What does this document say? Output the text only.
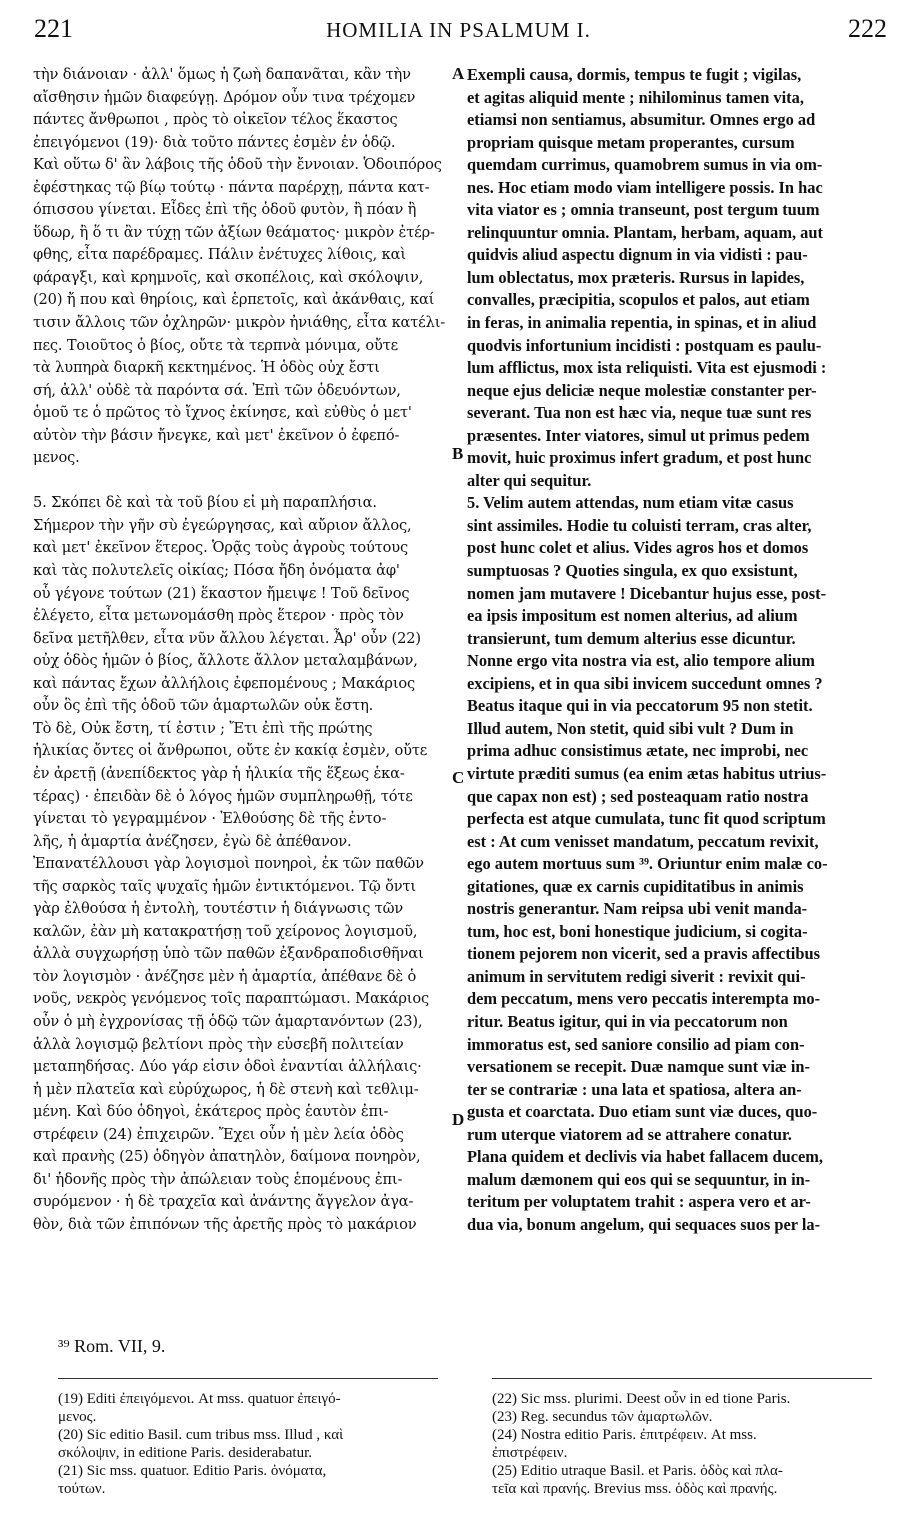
221	HOMILIA IN PSALMUM I.	222
τὴν διάνοιαν · ἀλλ' ὅμως ἡ ζωὴ δαπανᾶται, κἂν τὴν
αἴσθησιν ἡμῶν διαφεύγῃ. Δρόμον οὖν τινα τρέχομεν
πάντες ἄνθρωποι , πρὸς τὸ οἰκεῖον τέλος ἕκαστος
ἐπειγόμενοι (19)· διὰ τοῦτο πάντες ἐσμὲν ἐν ὁδῷ.
Καὶ οὕτω δ' ἂν λάβοις τῆς ὁδοῦ τὴν ἔννοιαν. Ὁδοιπόρος
ἐφέστηκας τῷ βίῳ τούτῳ · πάντα παρέρχῃ, πάντα κατ-
όπισσου γίνεται. Εἶδες ἐπὶ τῆς ὁδοῦ φυτὸν, ἢ πόαν ἢ
ὕδωρ, ἢ ὅ τι ἂν τύχῃ τῶν ἀξίων θεάματος· μικρὸν ἐτέρ-
φθης, εἶτα παρέδραμες. Πάλιν ἐνέτυχες λίθοις, καὶ
φάραγξι, καὶ κρημνοῖς, καὶ σκοπέλοις, καὶ σκόλοψιν,
(20) ἤ που καὶ θηρίοις, καὶ ἑρπετοῖς, καὶ ἀκάνθαις, καί
τισιν ἄλλοις τῶν ὀχληρῶν· μικρὸν ἠνιάθης, εἶτα κατέλι-
πες. Τοιοῦτος ὁ βίος, οὔτε τὰ τερπνὰ μόνιμα, οὔτε
τὰ λυπηρὰ διαρκῆ κεκτημένος. Ἡ ὁδὸς οὐχ ἔστι
σή, ἀλλ' οὐδὲ τὰ παρόντα σά. Ἐπὶ τῶν ὁδευόντων,
ὁμοῦ τε ὁ πρῶτος τὸ ἴχνος ἐκίνησε, καὶ εὐθὺς ὁ μετ'
αὐτὸν τὴν βάσιν ἤνεγκε, καὶ μετ' ἐκεῖνον ὁ ἐφεπό-
μενος.

5. Σκόπει δὲ καὶ τὰ τοῦ βίου εἰ μὴ παραπλήσια.
Σήμερον τὴν γῆν σὺ ἐγεώργησας, καὶ αὔριον ἄλλος,
καὶ μετ' ἐκεῖνον ἕτερος. Ὁρᾷς τοὺς ἀγροὺς τούτους
καὶ τὰς πολυτελεῖς οἰκίας; Πόσα ἤδη ὀνόματα ἀφ'
οὗ γέγονε τούτων (21) ἕκαστον ἤμειψε ! Τοῦ δεῖνος
ἐλέγετο, εἶτα μετωνομάσθη πρὸς ἕτερον · πρὸς τὸν
δεῖνα μετῆλθεν, εἶτα νῦν ἄλλου λέγεται. Ἆρ' οὖν (22)
οὐχ ὁδὸς ἡμῶν ὁ βίος, ἄλλοτε ἄλλον μεταλαμβάνων,
καὶ πάντας ἔχων ἀλλήλοις ἐφεπομένους ; Μακάριος
οὖν ὃς ἐπὶ τῆς ὁδοῦ τῶν ἁμαρτωλῶν οὐκ ἔστη.
Τὸ δὲ, Οὐκ ἔστη, τί ἐστιν ; Ἔτι ἐπὶ τῆς πρώτης
ἡλικίας ὄντες οἱ ἄνθρωποι, οὔτε ἐν κακίᾳ ἐσμὲν, οὔτε
ἐν ἀρετῇ (ἀνεπίδεκτος γὰρ ἡ ἡλικία τῆς ἕξεως ἑκα-
τέρας) · ἐπειδὰν δὲ ὁ λόγος ἡμῶν συμπληρωθῇ, τότε
γίνεται τὸ γεγραμμένον · Ἐλθούσης δὲ τῆς ἐντο-
λῆς, ἡ ἁμαρτία ἀνέζησεν, ἐγὼ δὲ ἀπέθανον.
Ἐπανατέλλουσι γὰρ λογισμοὶ πονηροὶ, ἐκ τῶν παθῶν
τῆς σαρκὸς ταῖς ψυχαῖς ἡμῶν ἐντικτόμενοι. Τῷ ὄντι
γὰρ ἐλθούσα ἡ ἐντολὴ, τουτέστιν ἡ διάγνωσις τῶν
καλῶν, ἐὰν μὴ κατακρατήσῃ τοῦ χείρονος λογισμοῦ,
ἀλλὰ συγχωρήσῃ ὑπὸ τῶν παθῶν ἐξανδραποδισθῆναι
τὸν λογισμὸν · ἀνέζησε μὲν ἡ ἁμαρτία, ἀπέθανε δὲ ὁ
νοῦς, νεκρὸς γενόμενος τοῖς παραπτώμασι. Μακάριος
οὖν ὁ μὴ ἐγχρονίσας τῇ ὁδῷ τῶν ἁμαρτανόντων (23),
ἀλλὰ λογισμῷ βελτίονι πρὸς τὴν εὐσεβῆ πολιτείαν
μεταπηδήσας. Δύο γάρ εἰσιν ὁδοὶ ἐναντίαι ἀλλήλαις·
ἡ μὲν πλατεῖα καὶ εὐρύχωρος, ἡ δὲ στενὴ καὶ τεθλιμ-
μένη. Καὶ δύο ὁδηγοὶ, ἑκάτερος πρὸς ἑαυτὸν ἐπι-
στρέφειν (24) ἐπιχειρῶν. Ἔχει οὖν ἡ μὲν λεία ὁδὸς
καὶ πρανὴς (25) ὁδηγὸν ἀπατηλὸν, δαίμονα πονηρὸν,
δι' ἡδονῆς πρὸς τὴν ἀπώλειαν τοὺς ἑπομένους ἐπι-
συρόμενον · ἡ δὲ τραχεῖα καὶ ἀνάντης ἄγγελον ἀγα-
θὸν, διὰ τῶν ἐπιπόνων τῆς ἀρετῆς πρὸς τὸ μακάριον
A
B
C
D
Exempli causa, dormis, tempus te fugit ; vigilas,
et agitas aliquid mente ; nihilominus tamen vita,
etiamsi non sentiamus, absumitur. Omnes ergo ad
propriam quisque metam properantes, cursum
quemdam currimus, quamobrem sumus in via om-
nes. Hoc etiam modo viam intelligere possis. In hac
vita viator es ; omnia transeunt, post tergum tuum
relinquuntur omnia. Plantam, herbam, aquam, aut
quidvis aliud aspectu dignum in via vidisti : pau-
lum oblectatus, mox præteris. Rursus in lapides,
convalles, præcipitia, scopulos et palos, aut etiam
in feras, in animalia repentia, in spinas, et in aliud
quodvis infortunium incidisti : postquam es paulu-
lum afflictus, mox ista reliquisti. Vita est ejusmodi :
neque ejus deliciæ neque molestiæ constanter per-
severant. Tua non est hæc via, neque tuæ sunt res
præsentes. Inter viatores, simul ut primus pedem
movit, huic proximus infert gradum, et post hunc
alter qui sequitur.
5. Velim autem attendas, num etiam vitæ casus
sint assimiles. Hodie tu coluisti terram, cras alter,
post hunc colet et alius. Vides agros hos et domos
sumptuosas ? Quoties singula, ex quo exsistunt,
nomen jam mutavere ! Dicebantur hujus esse, post-
ea ipsis impositum est nomen alterius, ad alium
transierunt, tum demum alterius esse dicuntur.
Nonne ergo vita nostra via est, alio tempore alium
excipiens, et in qua sibi invicem succedunt omnes ?
Beatus itaque qui in via peccatorum 95 non stetit.
Illud autem, Non stetit, quid sibi vult ? Dum in
prima adhuc consistimus ætate, nec improbi, nec
virtute præditi sumus (ea enim ætas habitus utrius-
que capax non est) ; sed posteaquam ratio nostra
perfecta est atque cumulata, tunc fit quod scriptum
est : At cum venisset mandatum, peccatum revixit,
ego autem mortuus sum ³⁹. Oriuntur enim malæ co-
gitationes, quæ ex carnis cupiditatibus in animis
nostris generantur. Nam reipsa ubi venit manda-
tum, hoc est, boni honestique judicium, si cogita-
tionem pejorem non vicerit, sed a pravis affectibus
animum in servitutem redigi siverit : revixit qui-
dem peccatum, mens vero peccatis interempta mo-
ritur. Beatus igitur, qui in via peccatorum non
immoratus est, sed saniore consilio ad piam con-
versationem se recepit. Duæ namque sunt viæ in-
ter se contrariæ : una lata et spatiosa, altera an-
gusta et coarctata. Duo etiam sunt viæ duces, quo-
rum uterque viatorem ad se attrahere conatur.
Plana quidem et declivis via habet fallacem ducem,
malum dæmonem qui eos qui se sequuntur, in in-
teritum per voluptatem trahit : aspera vero et ar-
dua via, bonum angelum, qui sequaces suos per la-
³⁹ Rom. VII, 9.
(19) Editi ἐπειγόμενοι. At mss. quatuor ἐπειγό-
μενος.
(20) Sic editio Basil. cum tribus mss. Illud , καὶ
σκόλοψιν, in editione Paris. desiderabatur.
(21) Sic mss. quatuor. Editio Paris. ὀνόματα,
τούτων.
(22) Sic mss. plurimi. Deest οὖν in ed tione Paris.
(23) Reg. secundus τῶν ἁμαρτωλῶν.
(24) Nostra editio Paris. ἐπιτρέφειν. At mss.
ἐπιστρέφειν.
(25) Editio utraque Basil. et Paris. ὁδὸς καὶ πλα-
τεῖα καὶ πρανής. Brevius mss. ὁδὸς καὶ πρανής.
